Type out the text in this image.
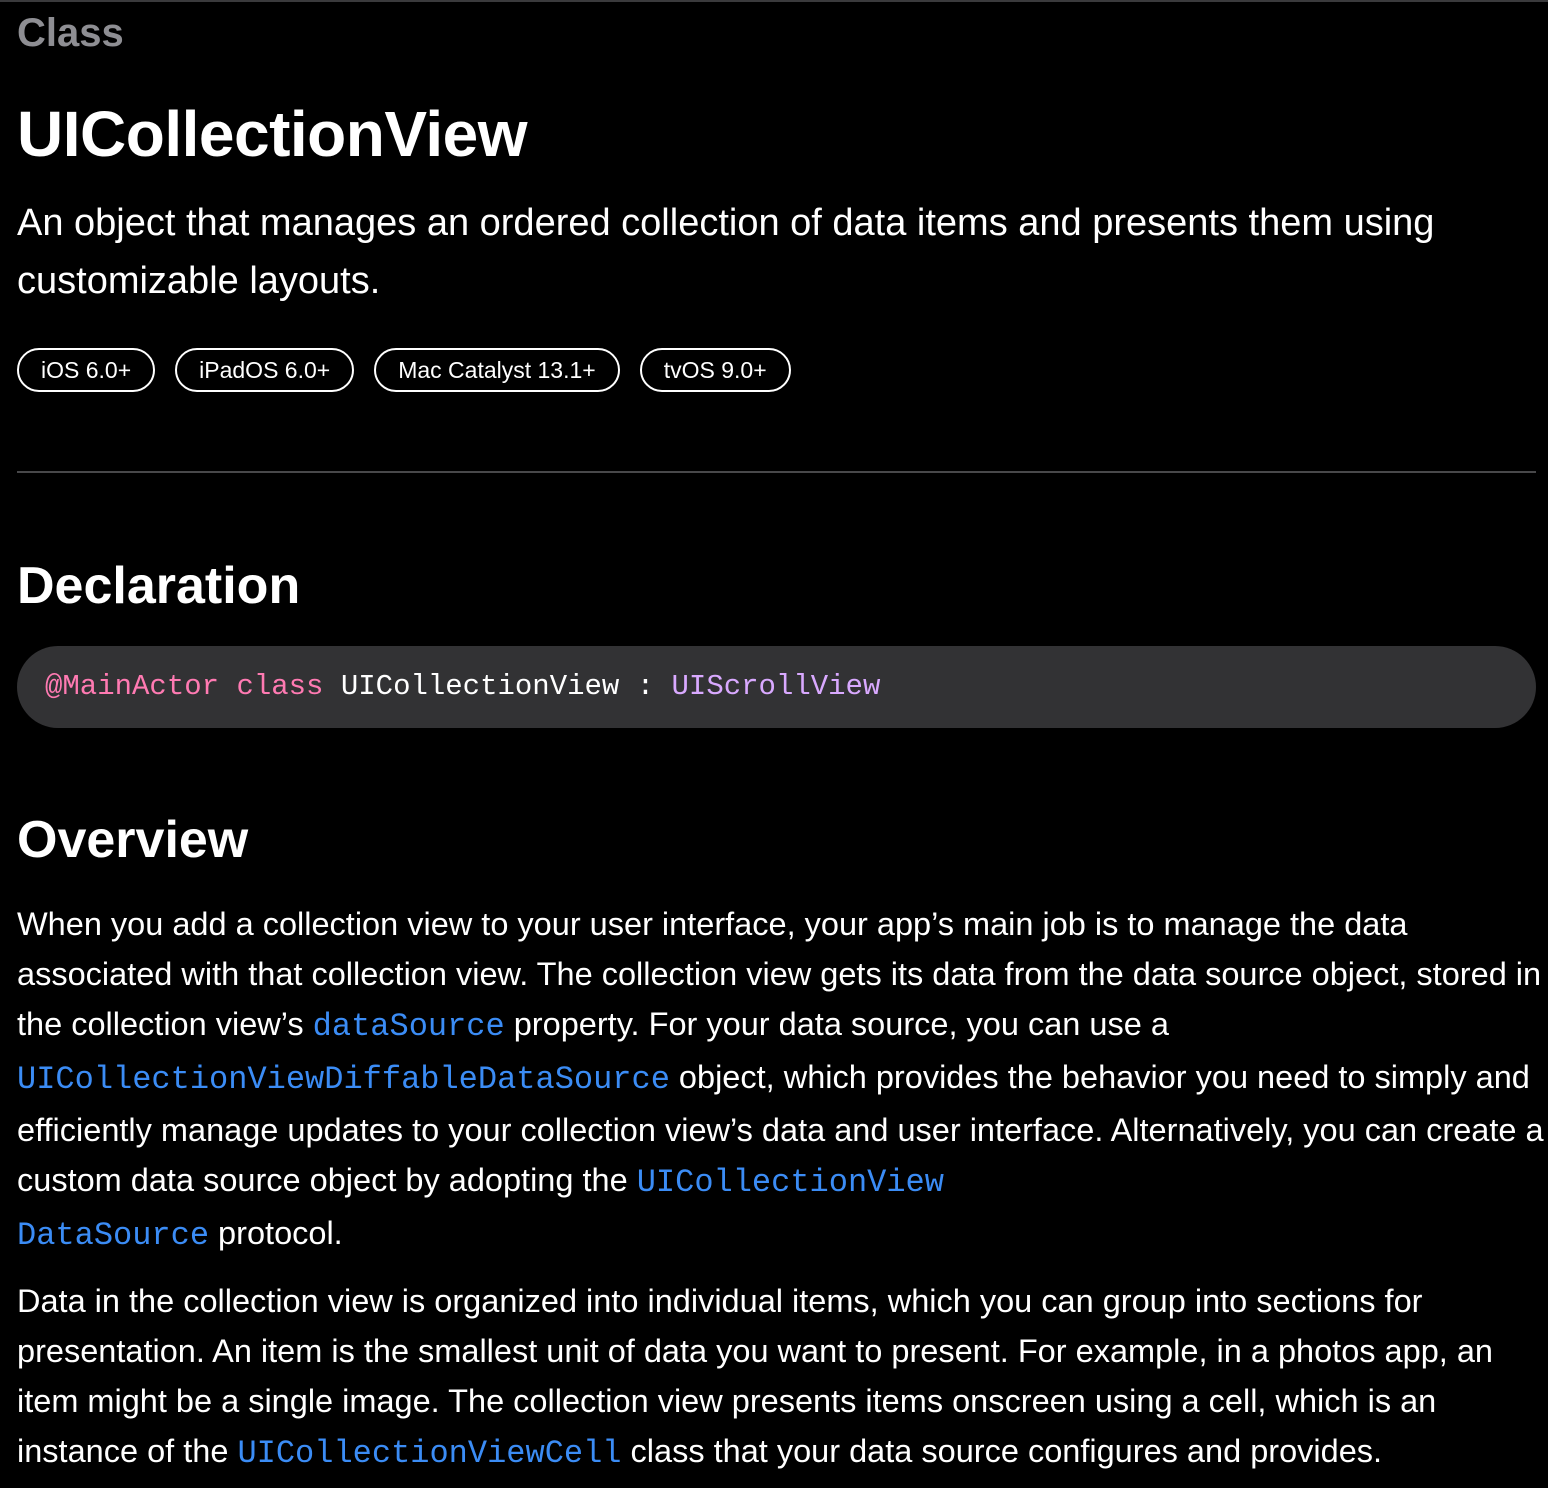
Class
UICollectionView

An object that manages an ordered collection of data items and presents them using customizable layouts.

iOS 6.0+	iPadOS 6.0+	Mac Catalyst 13.1+	tvOS 9.0+
Declaration
@MainActor class UICollectionView : UIScrollView
Overview

When you add a collection view to your user interface, your app’s main job is to manage the data associated with that collection view. The collection view gets its data from the data source object, stored in the collection view’s dataSource property. For your data source, you can use a UICollectionViewDiffableDataSource object, which provides the behavior you need to simply and efficiently manage updates to your collection view’s data and user interface. Alternatively, you can create a custom data source object by adopting the UICollectionView
DataSource protocol.

Data in the collection view is organized into individual items, which you can group into sections for presentation. An item is the smallest unit of data you want to present. For example, in a photos app, an item might be a single image. The collection view presents items onscreen using a cell, which is an instance of the UICollectionViewCell class that your data source configures and provides.
